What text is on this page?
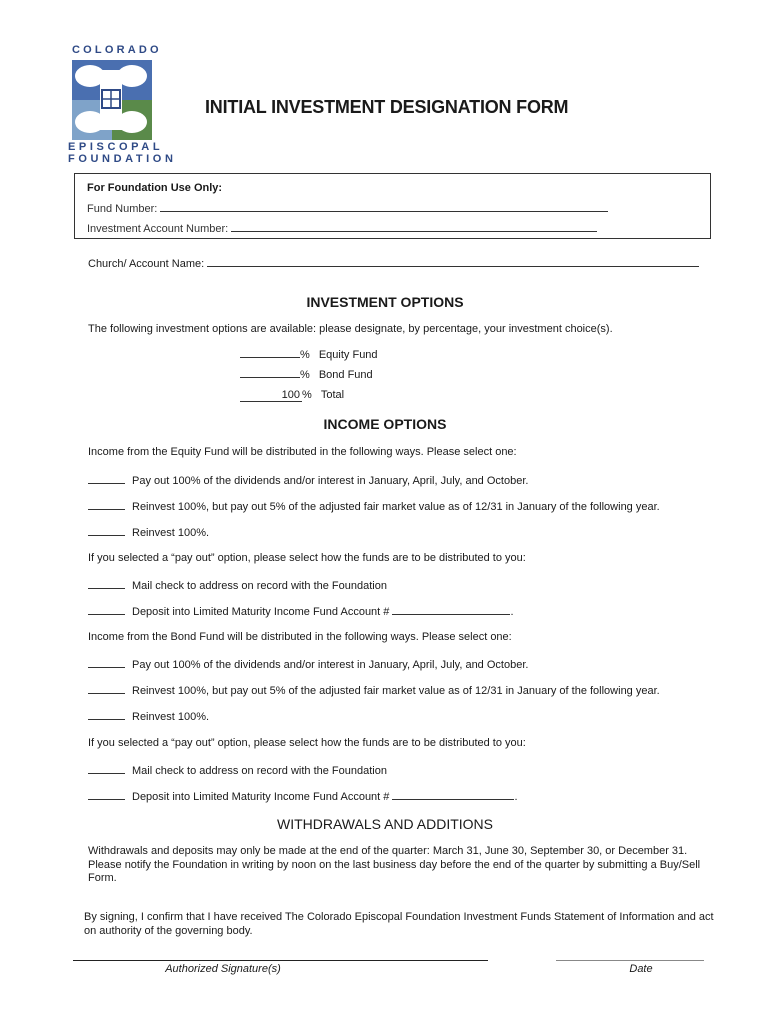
COLORADO
EPISCOPAL
FOUNDATION
INITIAL INVESTMENT DESIGNATION FORM
For Foundation Use Only:
Fund Number:
Investment Account Number:
Church/ Account Name:
INVESTMENT OPTIONS
The following investment options are available: please designate, by percentage, your investment choice(s).
% Equity Fund
% Bond Fund
100 % Total
INCOME OPTIONS
Income from the Equity Fund will be distributed in the following ways. Please select one:
Pay out 100% of the dividends and/or interest in January, April, July, and October.
Reinvest 100%, but pay out 5% of the adjusted fair market value as of 12/31 in January of the following year.
Reinvest 100%.
If you selected a “pay out” option, please select how the funds are to be distributed to you:
Mail check to address on record with the Foundation
Deposit into Limited Maturity Income Fund Account #	.
Income from the Bond Fund will be distributed in the following ways. Please select one:
Pay out 100% of the dividends and/or interest in January, April, July, and October.
Reinvest 100%, but pay out 5% of the adjusted fair market value as of 12/31 in January of the following year.
Reinvest 100%.
If you selected a “pay out” option, please select how the funds are to be distributed to you:
Mail check to address on record with the Foundation
Deposit into Limited Maturity Income Fund Account #	.
WITHDRAWALS AND ADDITIONS
Withdrawals and deposits may only be made at the end of the quarter: March 31, June 30, September 30, or December 31. Please notify the Foundation in writing by noon on the last business day before the end of the quarter by submitting a Buy/Sell Form.
By signing, I confirm that I have received The Colorado Episcopal Foundation Investment Funds Statement of Information and act on authority of the governing body.
Authorized Signature(s)	Date
